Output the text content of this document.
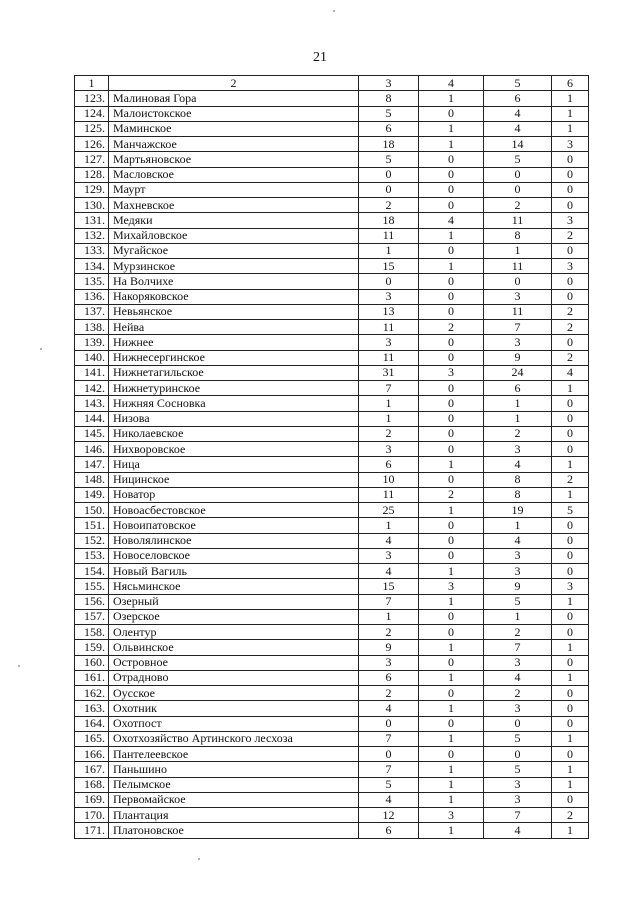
21
1	2	3	4	5	6
123.	Малиновая Гора	8	1	6	1
124.	Малоистокское	5	0	4	1
125.	Маминское	6	1	4	1
126.	Манчажское	18	1	14	3
127.	Мартьяновское	5	0	5	0
128.	Масловское	0	0	0	0
129.	Маурт	0	0	0	0
130.	Махневское	2	0	2	0
131.	Медяки	18	4	11	3
132.	Михайловское	11	1	8	2
133.	Мугайское	1	0	1	0
134.	Мурзинское	15	1	11	3
135.	На Волчихе	0	0	0	0
136.	Накоряковское	3	0	3	0
137.	Невьянское	13	0	11	2
138.	Нейва	11	2	7	2
139.	Нижнее	3	0	3	0
140.	Нижнесергинское	11	0	9	2
141.	Нижнетагильское	31	3	24	4
142.	Нижнетуринское	7	0	6	1
143.	Нижняя Сосновка	1	0	1	0
144.	Низова	1	0	1	0
145.	Николаевское	2	0	2	0
146.	Нихворовское	3	0	3	0
147.	Ница	6	1	4	1
148.	Ницинское	10	0	8	2
149.	Новатор	11	2	8	1
150.	Новоасбестовское	25	1	19	5
151.	Новоипатовское	1	0	1	0
152.	Новолялинское	4	0	4	0
153.	Новоселовское	3	0	3	0
154.	Новый Вагиль	4	1	3	0
155.	Нясьминское	15	3	9	3
156.	Озерный	7	1	5	1
157.	Озерское	1	0	1	0
158.	Олентур	2	0	2	0
159.	Ольвинское	9	1	7	1
160.	Островное	3	0	3	0
161.	Отрадново	6	1	4	1
162.	Оусское	2	0	2	0
163.	Охотник	4	1	3	0
164.	Охотпост	0	0	0	0
165.	Охотхозяйство Артинского лесхоза	7	1	5	1
166.	Пантелеевское	0	0	0	0
167.	Паньшино	7	1	5	1
168.	Пелымское	5	1	3	1
169.	Первомайское	4	1	3	0
170.	Плантация	12	3	7	2
171.	Платоновское	6	1	4	1
